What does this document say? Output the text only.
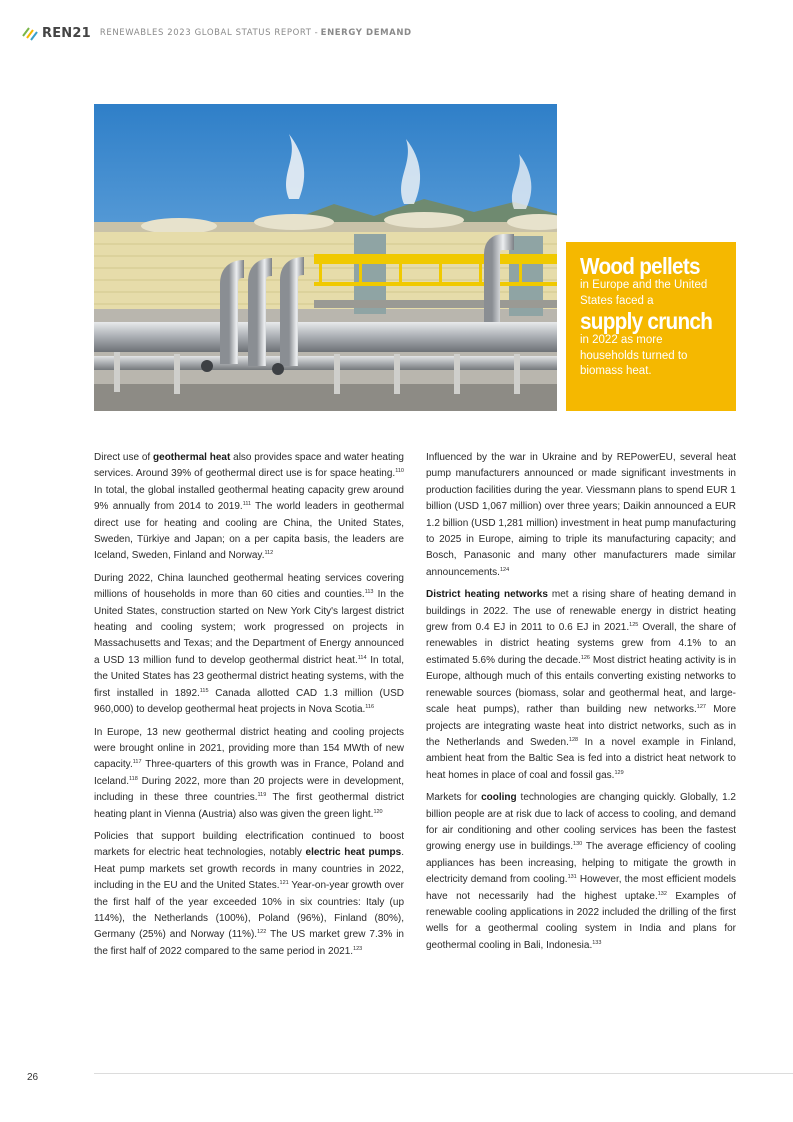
REN21 RENEWABLES 2023 GLOBAL STATUS REPORT - ENERGY DEMAND
Wood pellets
in Europe and the United States faced a
supply crunch
in 2022 as more households turned to biomass heat.

Direct use of geothermal heat also provides space and water heating services. Around 39% of geothermal direct use is for space heating.$^{110}$ In total, the global installed geothermal heating capacity grew around 9% annually from 2014 to 2019.$^{111}$ The world leaders in geothermal direct use for heating and cooling are China, the United States, Sweden, Türkiye and Japan; on a per capita basis, the leaders are Iceland, Sweden, Finland and Norway.$^{112}$

During 2022, China launched geothermal heating services covering millions of households in more than 60 cities and counties.$^{113}$ In the United States, construction started on New York City's largest district heating and cooling system; work progressed on projects in Massachusetts and Texas; and the Department of Energy announced a USD 13 million fund to develop geothermal district heat.$^{114}$ In total, the United States has 23 geothermal district heating systems, with the first installed in 1892.$^{115}$ Canada allotted CAD 1.3 million (USD 960,000) to develop geothermal heat projects in Nova Scotia.$^{116}$

In Europe, 13 new geothermal district heating and cooling projects were brought online in 2021, providing more than 154 MWth of new capacity.$^{117}$ Three-quarters of this growth was in France, Poland and Iceland.$^{118}$ During 2022, more than 20 projects were in development, including in these three countries.$^{119}$ The first geothermal district heating plant in Vienna (Austria) also was given the green light.$^{120}$

Policies that support building electrification continued to boost markets for electric heat technologies, notably electric heat pumps. Heat pump markets set growth records in many countries in 2022, including in the EU and the United States.$^{121}$ Year-on-year growth over the first half of the year exceeded 10% in six countries: Italy (up 114%), the Netherlands (100%), Poland (96%), Finland (80%), Germany (25%) and Norway (11%).$^{122}$ The US market grew 7.3% in the first half of 2022 compared to the same period in 2021.$^{123}$

Influenced by the war in Ukraine and by REPowerEU, several heat pump manufacturers announced or made significant investments in production facilities during the year. Viessmann plans to spend EUR 1 billion (USD 1,067 million) over three years; Daikin announced a EUR 1.2 billion (USD 1,281 million) investment in heat pump manufacturing to 2025 in Europe, aiming to triple its manufacturing capacity; and Bosch, Panasonic and many other manufacturers made similar announcements.$^{124}$

District heating networks met a rising share of heating demand in buildings in 2022. The use of renewable energy in district heating grew from 0.4 EJ in 2011 to 0.6 EJ in 2021.$^{125}$ Overall, the share of renewables in district heating systems grew from 4.1% to an estimated 5.6% during the decade.$^{126}$ Most district heating activity is in Europe, although much of this entails converting existing networks to renewable sources (biomass, solar and geothermal heat, and large-scale heat pumps), rather than building new networks.$^{127}$ More projects are integrating waste heat into district networks, such as in the Netherlands and Sweden.$^{128}$ In a novel example in Finland, ambient heat from the Baltic Sea is fed into a district heat network to heat homes in place of coal and fossil gas.$^{129}$

Markets for cooling technologies are changing quickly. Globally, 1.2 billion people are at risk due to lack of access to cooling, and demand for air conditioning and other cooling services has been the fastest growing energy use in buildings.$^{130}$ The average efficiency of cooling appliances has been increasing, helping to mitigate the growth in electricity demand from cooling.$^{131}$ However, the most efficient models have not necessarily had the highest uptake.$^{132}$ Examples of renewable cooling applications in 2022 included the drilling of the first wells for a geothermal cooling system in India and plans for geothermal cooling in Bali, Indonesia.$^{133}$

26
